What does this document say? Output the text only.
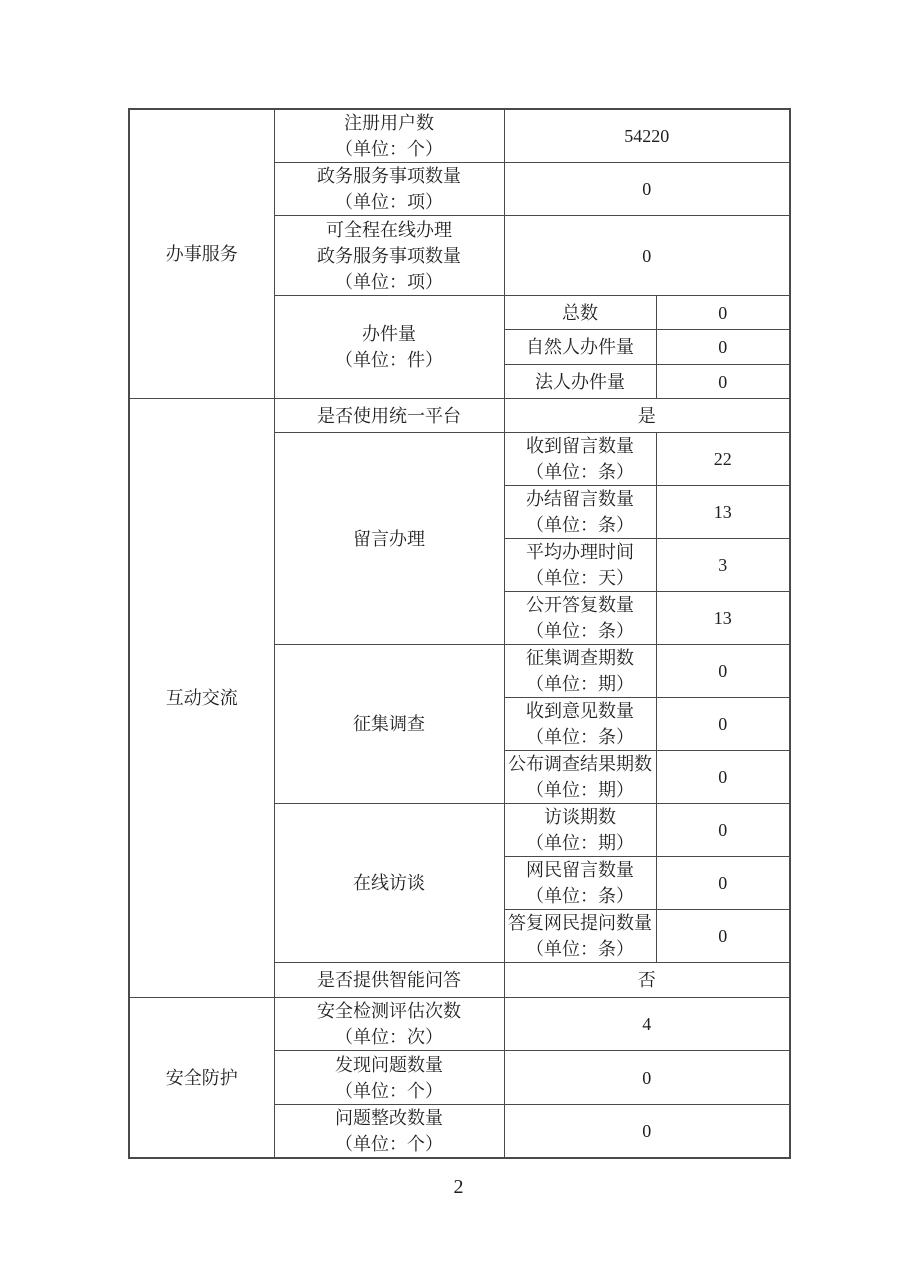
办事服务	注册用户数
（单位：个）	54220	

	政务服务事项数量
（单位：项）	0	

	可全程在线办理
政务服务事项数量
（单位：项）	0	

	办件量
（单位：件）	总数	0
		自然人办件量	0
		法人办件量	0
互动交流	是否使用统一平台	是	
	留言办理	收到留言数量
（单位：条）	22

		办结留言数量
（单位：条）	13

		平均办理时间
（单位：天）	3

		公开答复数量
（单位：条）	13
	征集调查	征集调查期数
（单位：期）	0

		收到意见数量
（单位：条）	0

		公布调查结果期数
（单位：期）	0
	在线访谈	访谈期数
（单位：期）	0

		网民留言数量
（单位：条）	0

		答复网民提问数量
（单位：条）	0
	是否提供智能问答	否	
安全防护	安全检测评估次数
（单位：次）	4	

	发现问题数量
（单位：个）	0	

	问题整改数量
（单位：个）	0	
2
